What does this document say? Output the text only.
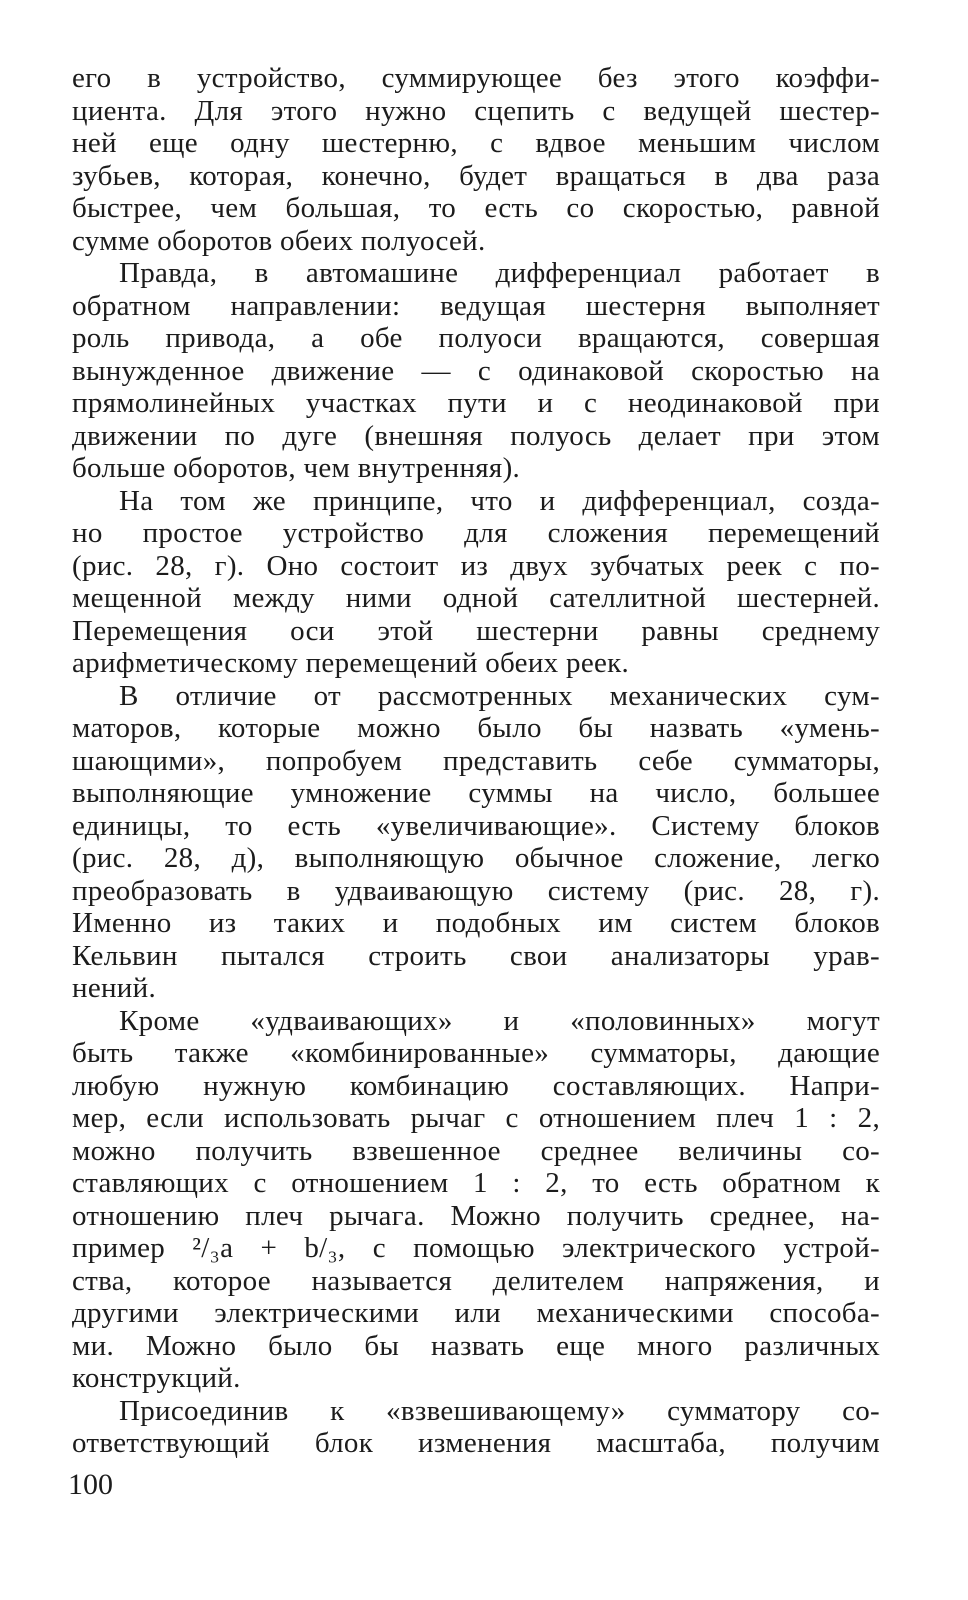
его в устройство, суммирующее без этого коэффи-
циента. Для этого нужно сцепить с ведущей шестер-
ней еще одну шестерню, с вдвое меньшим числом
зубьев, которая, конечно, будет вращаться в два раза
быстрее, чем большая, то есть со скоростью, равной
сумме оборотов обеих полуосей.
Правда, в автомашине дифференциал работает в
обратном направлении: ведущая шестерня выполняет
роль привода, а обе полуоси вращаются, совершая
вынужденное движение — с одинаковой скоростью на
прямолинейных участках пути и с неодинаковой при
движении по дуге (внешняя полуось делает при этом
больше оборотов, чем внутренняя).
На том же принципе, что и дифференциал, созда-
но простое устройство для сложения перемещений
(рис. 28, г). Оно состоит из двух зубчатых реек с по-
мещенной между ними одной сателлитной шестерней.
Перемещения оси этой шестерни равны среднему
арифметическому перемещений обеих реек.
В отличие от рассмотренных механических сум-
маторов, которые можно было бы назвать «умень-
шающими», попробуем представить себе сумматоры,
выполняющие умножение суммы на число, большее
единицы, то есть «увеличивающие». Систему блоков
(рис. 28, д), выполняющую обычное сложение, легко
преобразовать в удваивающую систему (рис. 28, г).
Именно из таких и подобных им систем блоков
Кельвин пытался строить свои анализаторы урав-
нений.
Кроме «удваивающих» и «половинных» могут
быть также «комбинированные» сумматоры, дающие
любую нужную комбинацию составляющих. Напри-
мер, если использовать рычаг с отношением плеч 1 : 2,
можно получить взвешенное среднее величины со-
ставляющих с отношением 1 : 2, то есть обратном к
отношению плеч рычага. Можно получить среднее, на-
пример ²/₃a + b/₃, с помощью электрического устрой-
ства, которое называется делителем напряжения, и
другими электрическими или механическими способа-
ми. Можно было бы назвать еще много различных
конструкций.
Присоединив к «взвешивающему» сумматору со-
ответствующий блок изменения масштаба, получим
100
